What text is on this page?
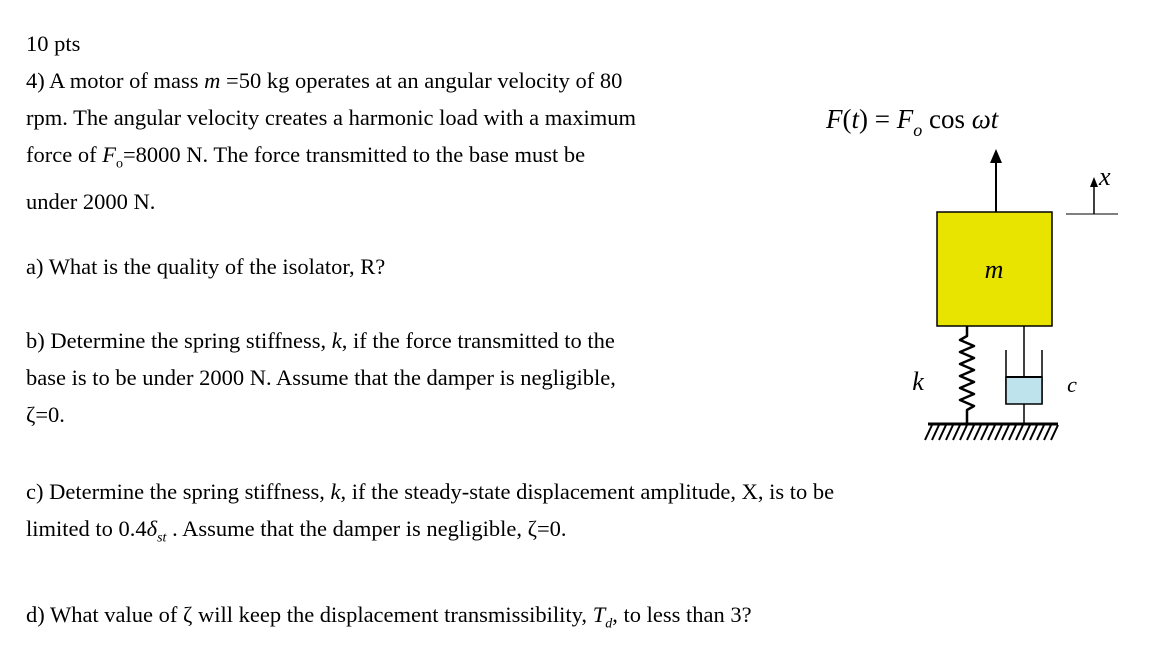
10 pts
4) A motor of mass m =50 kg operates at an angular velocity of 80
rpm. The angular velocity creates a harmonic load with a maximum
force of $F_o=8000$ N. The force transmitted to the base must be
under 2000 N.
a) What is the quality of the isolator, R?
b) Determine the spring stiffness, k, if the force transmitted to the
base is to be under 2000 N. Assume that the damper is negligible,
ζ=0.
c) Determine the spring stiffness, k, if the steady-state displacement amplitude, X, is to be
limited to $0.4\delta_{st}$ . Assume that the damper is negligible, ζ=0.
d) What value of ζ will keep the displacement transmissibility, $T_d$, to less than 3?
$F(t) = F_o$ cos ωt
x
m
k	c
